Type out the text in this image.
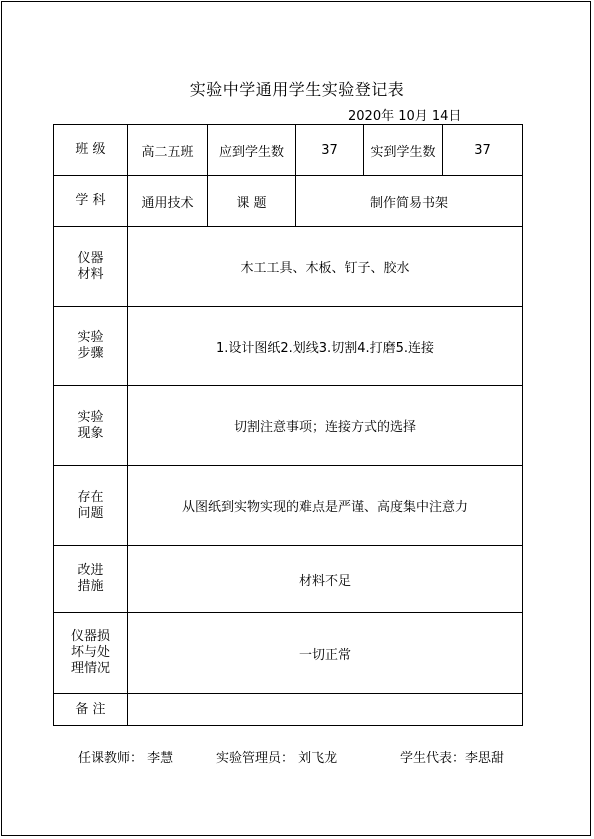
实验中学通用学生实验登记表
2020年 10月 14日
班 级	高二五班	应到学生数	37	实到学生数	37
学 科	通用技术	课 题	制作简易书架		
仪器
材料	木工工具、木板、钉子、胶水				
实验
步骤	1.设计图纸2.划线3.切割4.打磨5.连接				
实验
现象	切割注意事项；连接方式的选择				
存在
问题	从图纸到实物实现的难点是严谨、高度集中注意力				
改进
措施	材料不足				
仪器损
坏与处
理情况	一切正常				
备 注					
任课教师： 李慧	实验管理员： 刘飞龙	学生代表：李思甜
